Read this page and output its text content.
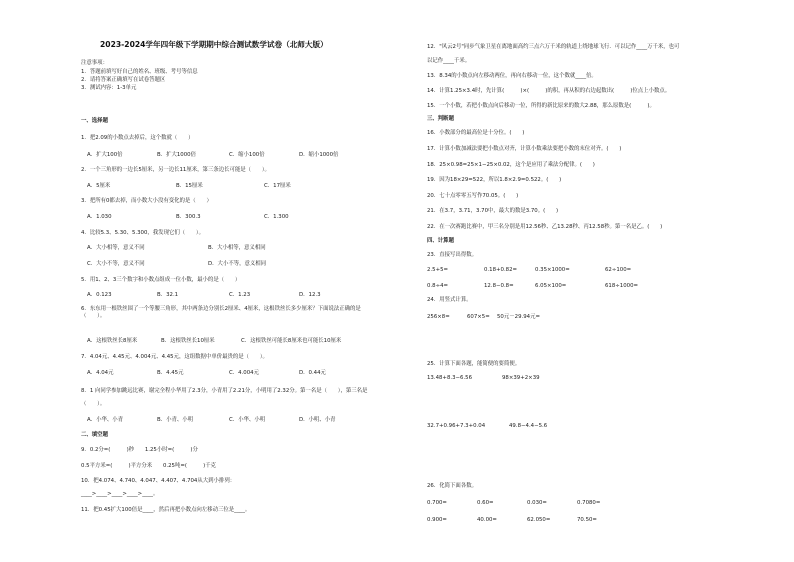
2023-2024学年四年级下学期期中综合测试数学试卷（北师大版）
注意事项：
1．答题前填写好自己的姓名、班级、考号等信息
2．请将答案正确填写在试卷答题区
3．测试内容：1-3单元
一、选择题
1．把2.09的小数点去掉后，这个数就（　　）
A．扩大100倍	B．扩大1000倍	C．缩小100倍	D．缩小1000倍
2．一个三角形的一边长5厘米，另一边长11厘米，第三条边长可能是（　　）。
A．5厘米	B．15厘米	C．17厘米
3．把所有0都去掉，而小数大小没有变化的是（　　）
A．1.030	B．300.3	C．1.300
4．比较5.3、5.30、5.300，我发现它们（　　）。
A．大小相等，意义不同	B．大小相等，意义相同
C．大小不等，意义不同	D．大小不等，意义相同
5．用1、2、3三个数字和小数点组成一位小数，最小的是（　　）
A．0.123	B．32.1	C．1.23	D．12.3
6．东东用一根铁丝围了一个等腰三角形，其中两条边分别长2厘米、4厘米，这根铁丝长多少厘米？下面说法正确的是（　　）。
A．这根铁丝长8厘米	B．这根铁丝长10厘米	C．这根铁丝可能长8厘米也可能长10厘米
7．4.04元、4.45元、4.004元、4.45元，这组数据中单价最贵的是（　　）。
A．4.04元	B．4.45元	C．4.004元	D．0.44元
8．1 向同学参加跳远比赛，谢完全程小华用了2.3分，小青用了2.21分，小明用了2.32分。第一名是（　　），第三名是（　　）。
A．小华、小青	B．小青、小明	C．小华、小明	D．小明、小青
二、填空题
9．0.2分=(　　　)秒　　1.25小时=(　　　)分
0.5平方米=(　　　)平方分米　　0.25吨=(　　　)千克
10．把4.074、4.740、4.047、4.407、4.704从大到小排列：
____>____>____>____>____。
11．把0.45扩大100倍是____，然后再把小数点向左移动三位是____。
12．"风云2号"同步气象卫星在离地面高约三点六万千米的轨道上绕地球飞行．可以记作____万千米，也可
以记作____千米。
13．8.34的小数点向左移动两位，再向右移动一位，这个数就____倍。
14．计算1.25×3.4时，先计算(　　　)×(　　　)的积，再从积的右边起数出(　　　)位点上小数点。
15．一个小数，若把小数点向后移动一位，所得的新比原来的数大2.88，那么原数是(　　　)。
三、判断题
16．小数部分的最高位是十分位。(　　)
17．计算小数加减法要把小数点对齐，计算小数乘法要把小数的末位对齐。(　　)
18．25×0.98=25×1−25×0.02，这个是应用了乘法分配律。(　　)
19．因为18×29=522，所以1.8×2.9=0.522。(　　)
20．七十点零零五写作70.05。(　　)
21．在3.7，3.71，3.70中，最大的数是3.70。(　　)
22．在一次赛跑比赛中，甲三名分别是用12.56秒、乙13.28秒、丙12.58秒。第一名是乙。(　　)
四、计算题
23．直接写出得数。
2.5+5=	0.18+0.82=	0.35×1000=	62÷100=
0.8÷4=	12.8−0.8=	6.05×100=	618÷1000=
24．用竖式计算。
256×8=	607×5= 50元－29.94元=
25．计算下面各题，能简便的要简便。
13.48+8.3−6.56	98×39+2×39
32.7+0.96+7.3+0.04	49.8−4.4−5.6
26．化简下面各数。
0.700=	0.60=	0.030=	0.7080=
0.900=	40.00=	62.050=	70.50=
